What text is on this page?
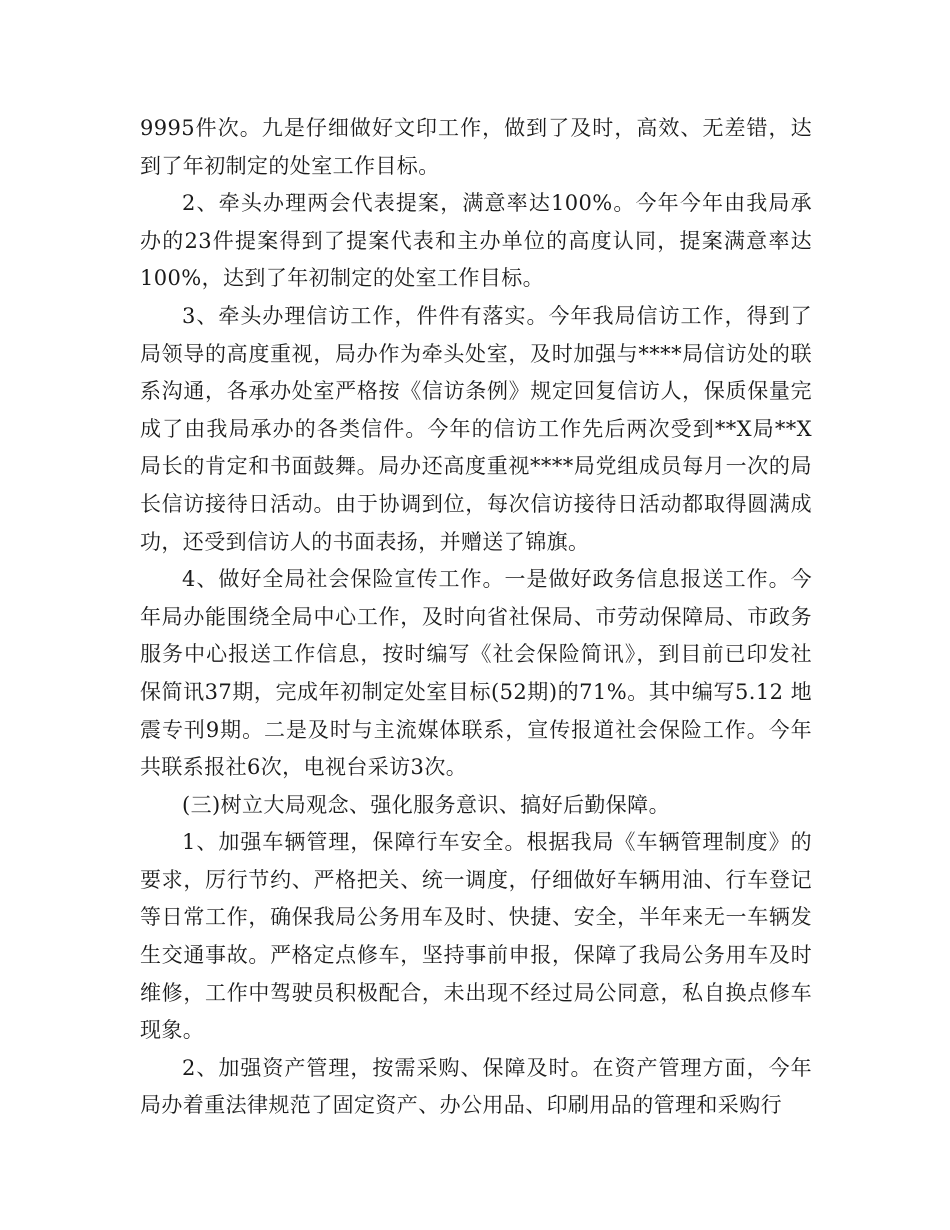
9995件次。九是仔细做好文印工作，做到了及时，高效、无差错，达到了年初制定的处室工作目标。

2、牵头办理两会代表提案，满意率达100%。今年今年由我局承办的23件提案得到了提案代表和主办单位的高度认同，提案满意率达100%，达到了年初制定的处室工作目标。

3、牵头办理信访工作，件件有落实。今年我局信访工作，得到了局领导的高度重视，局办作为牵头处室，及时加强与****局信访处的联系沟通，各承办处室严格按《信访条例》规定回复信访人，保质保量完成了由我局承办的各类信件。今年的信访工作先后两次受到**X局**X局长的肯定和书面鼓舞。局办还高度重视****局党组成员每月一次的局长信访接待日活动。由于协调到位，每次信访接待日活动都取得圆满成功，还受到信访人的书面表扬，并赠送了锦旗。

4、做好全局社会保险宣传工作。一是做好政务信息报送工作。今年局办能围绕全局中心工作，及时向省社保局、市劳动保障局、市政务服务中心报送工作信息，按时编写《社会保险简讯》，到目前已印发社保简讯37期，完成年初制定处室目标(52期)的71%。其中编写5.12 地震专刊9期。二是及时与主流媒体联系，宣传报道社会保险工作。今年共联系报社6次，电视台采访3次。

(三)树立大局观念、强化服务意识、搞好后勤保障。

1、加强车辆管理，保障行车安全。根据我局《车辆管理制度》的要求，厉行节约、严格把关、统一调度，仔细做好车辆用油、行车登记等日常工作，确保我局公务用车及时、快捷、安全，半年来无一车辆发生交通事故。严格定点修车，坚持事前申报，保障了我局公务用车及时维修，工作中驾驶员积极配合，未出现不经过局公同意，私自换点修车现象。

2、加强资产管理，按需采购、保障及时。在资产管理方面，今年局办着重法律规范了固定资产、办公用品、印刷用品的管理和采购行
